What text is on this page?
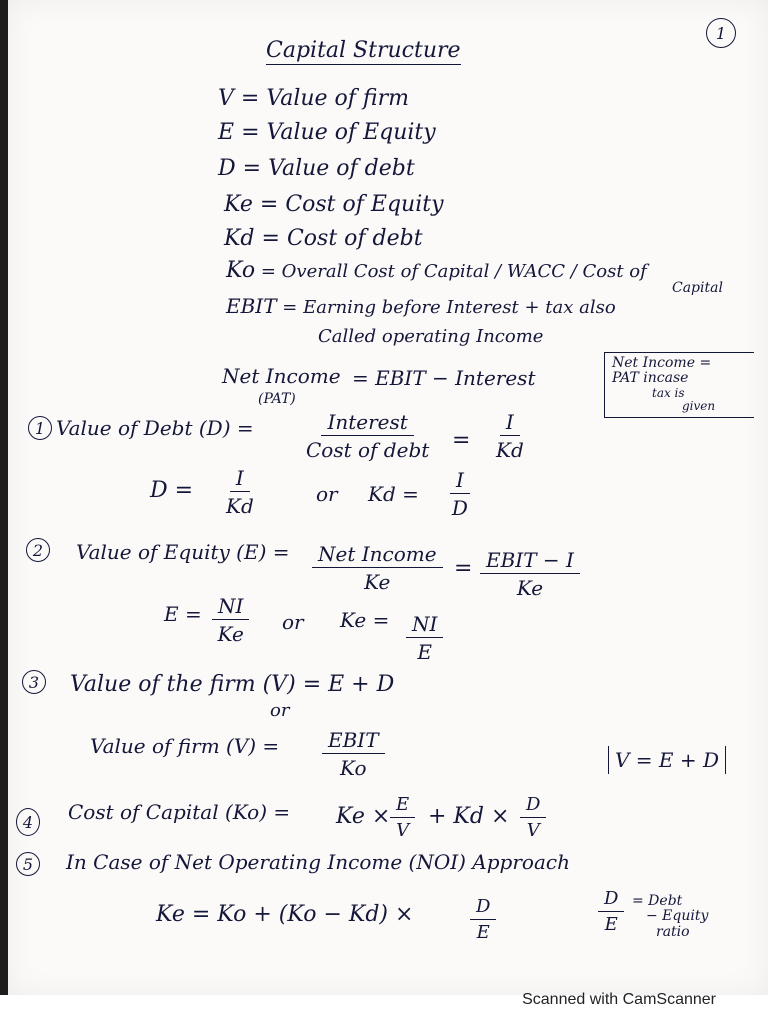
1
Capital Structure
V = Value of firm
E = Value of Equity
D = Value of debt
Ke = Cost of Equity
Kd = Cost of debt
Ko = Overall Cost of Capital / WACC / Cost of
Capital
EBIT = Earning before Interest + tax also
Called operating Income
Net Income
(PAT)
= EBIT − Interest
Net Income =
PAT incase
tax is
given
1 Value of Debt (D) =	Interest
Cost of debt = $\frac{I}{Kd}$
$D = \frac{I}{Kd}$	or $Kd = \frac{I}{D}$
2 Value of Equity (E) =	Net Income
Ke
= EBIT − I
Ke
$E = \frac{NI}{Ke}$ or $Ke = \frac{NI}{E}$
3 Value of the firm (V) = E + D
or
Value of firm (V) =	EBIT
Ko	V = E + D
4 Cost of Capital $(Ko) = Ke \times \frac{E}{V} + Kd \times \frac{D}{V}$
5 In Case of Net Operating Income (NOI) Approach
Ke = Ko + (Ko − Kd) ×	$\frac{D}{E}$	$\frac{D}{E}$ = Debt
− Equity
ratio
Scanned with CamScanner
